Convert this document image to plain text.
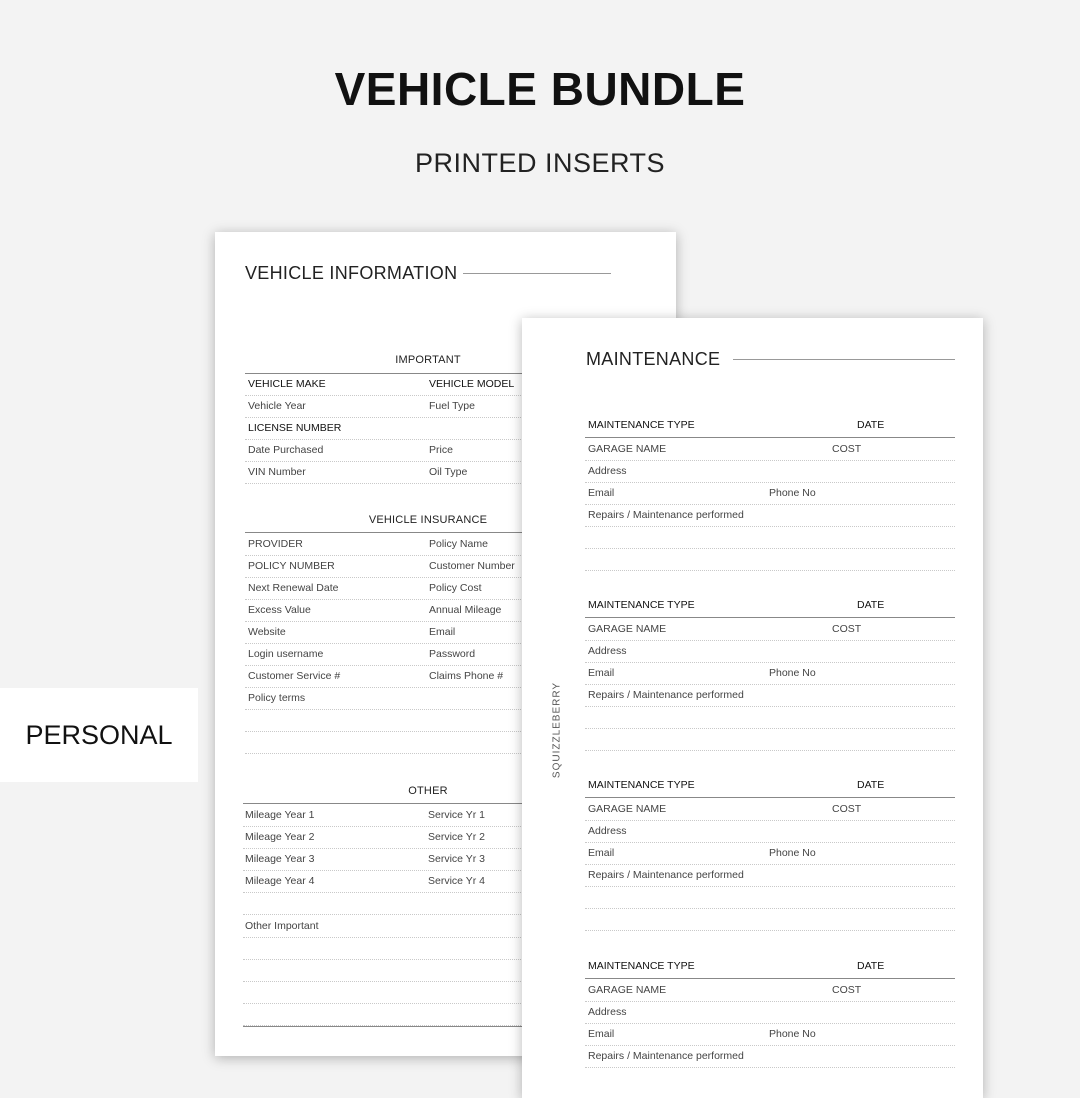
VEHICLE BUNDLE
PRINTED INSERTS
PERSONAL
VEHICLE INFORMATION
IMPORTANT
VEHICLE MAKE	VEHICLE MODEL
Vehicle Year	Fuel Type
LICENSE NUMBER
Date Purchased	Price
VIN Number	Oil Type
VEHICLE INSURANCE
PROVIDER	Policy Name
POLICY NUMBER	Customer Number
Next Renewal Date	Policy Cost
Excess Value	Annual Mileage
Website	Email
Login username	Password
Customer Service #	Claims Phone #
Policy terms
OTHER
Mileage Year 1	Service Yr 1
Mileage Year 2	Service Yr 2
Mileage Year 3	Service Yr 3
Mileage Year 4	Service Yr 4
Other Important
MAINTENANCE
MAINTENANCE TYPE	DATE
GARAGE NAME	COST
Address
Email	Phone No
Repairs / Maintenance performed
MAINTENANCE TYPE	DATE
GARAGE NAME	COST
Address
Email	Phone No
Repairs / Maintenance performed
MAINTENANCE TYPE	DATE
GARAGE NAME	COST
Address
Email	Phone No
Repairs / Maintenance performed
MAINTENANCE TYPE	DATE
GARAGE NAME	COST
Address
Email	Phone No
Repairs / Maintenance performed
SQUIZZLEBERRY
